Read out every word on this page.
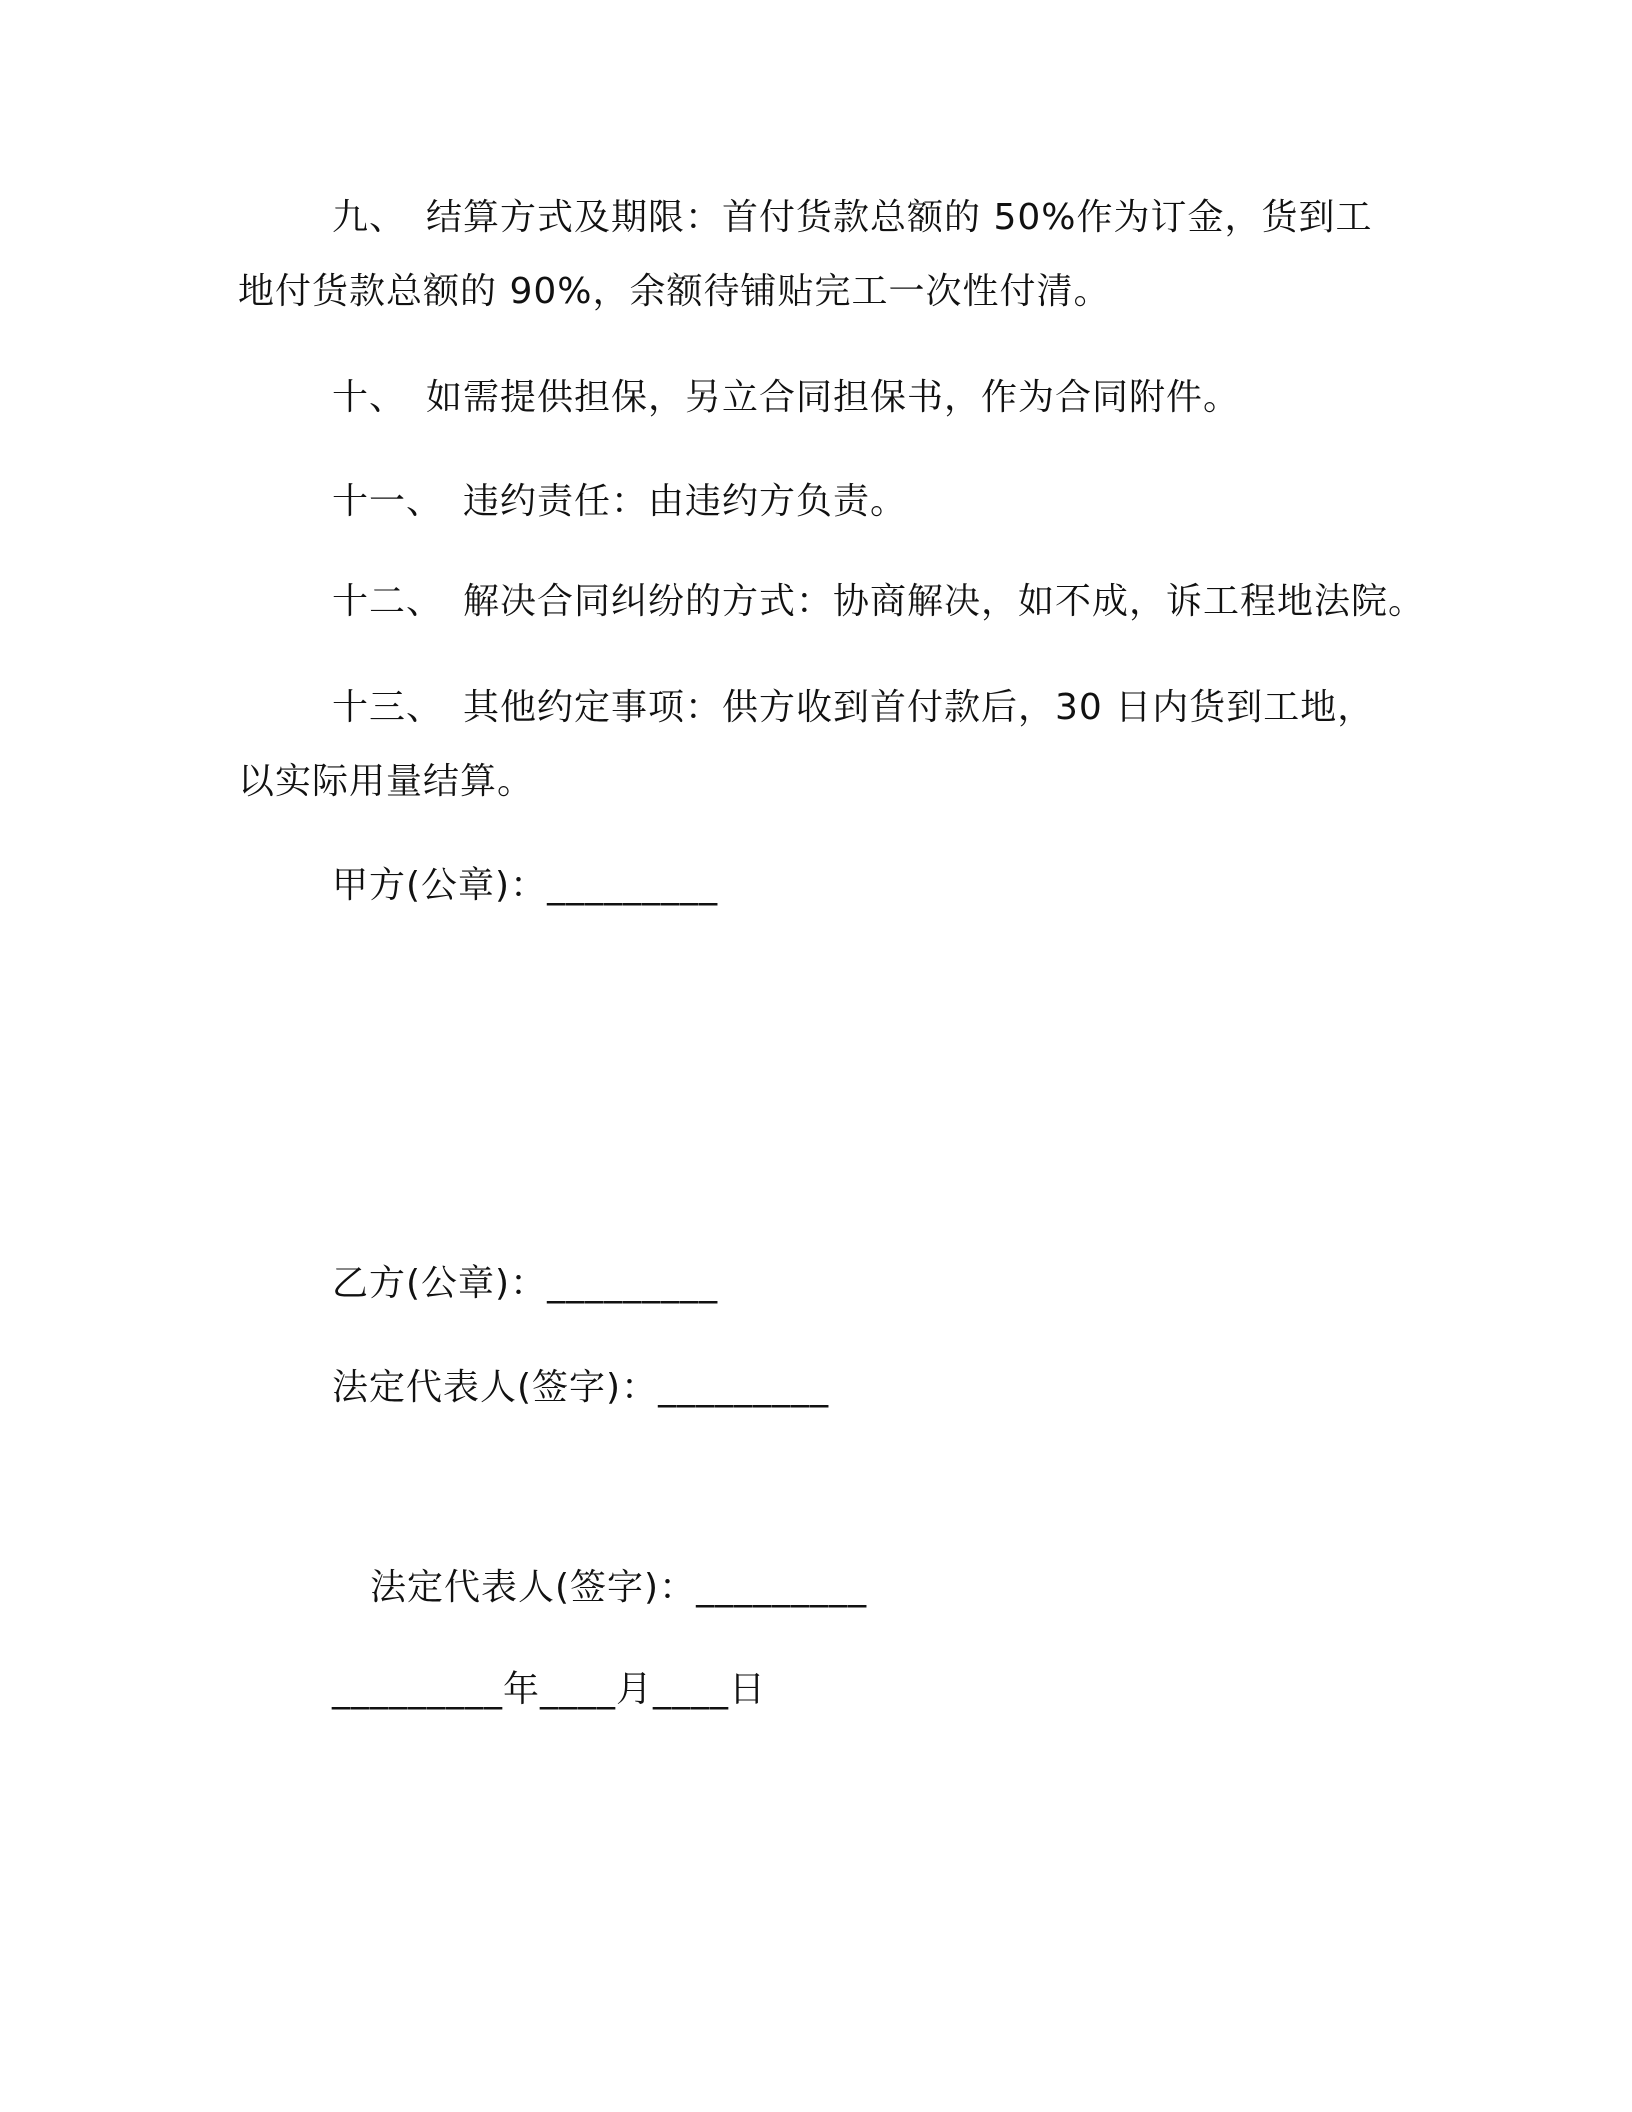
九、 结算方式及期限：首付货款总额的 50%作为订金，货到工
地付货款总额的 90%，余额待铺贴完工一次性付清。
十、 如需提供担保，另立合同担保书，作为合同附件。
十一、 违约责任：由违约方负责。
十二、 解决合同纠纷的方式：协商解决，如不成，诉工程地法院。
十三、 其他约定事项：供方收到首付款后，30 日内货到工地，
以实际用量结算。
甲方(公章)：_________
乙方(公章)：_________
法定代表人(签字)：_________
法定代表人(签字)：_________
_________年____月____日
